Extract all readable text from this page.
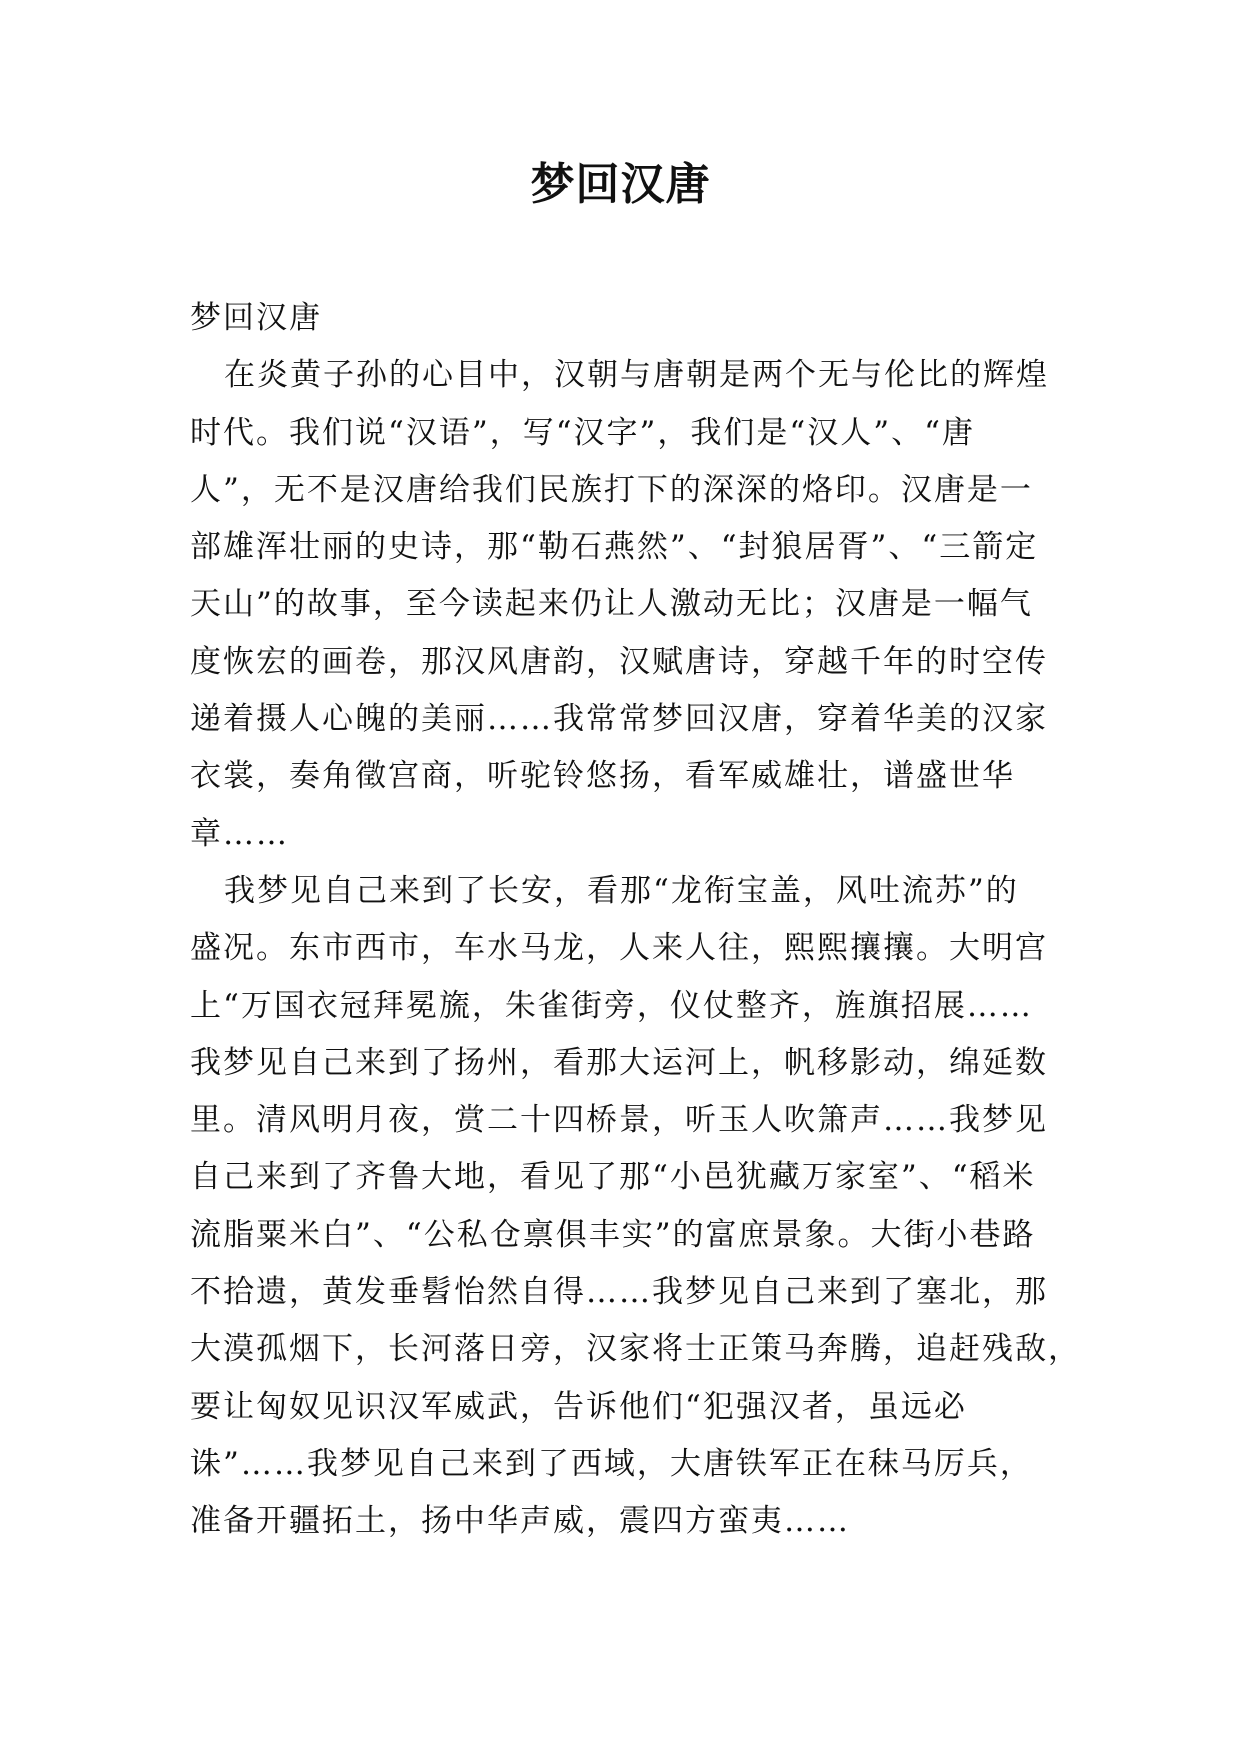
梦回汉唐

梦回汉唐

在炎黄子孙的心目中，汉朝与唐朝是两个无与伦比的辉煌
时代。我们说“汉语”，写“汉字”，我们是“汉人”、“唐
人”，无不是汉唐给我们民族打下的深深的烙印。汉唐是一
部雄浑壮丽的史诗，那“勒石燕然”、“封狼居胥”、“三箭定
天山”的故事，至今读起来仍让人激动无比；汉唐是一幅气
度恢宏的画卷，那汉风唐韵，汉赋唐诗，穿越千年的时空传
递着摄人心魄的美丽……我常常梦回汉唐，穿着华美的汉家
衣裳，奏角徵宫商，听驼铃悠扬，看军威雄壮，谱盛世华
章……

我梦见自己来到了长安，看那“龙衔宝盖，风吐流苏”的
盛况。东市西市，车水马龙，人来人往，熙熙攘攘。大明宫
上“万国衣冠拜冕旒，朱雀街旁，仪仗整齐，旌旗招展……
我梦见自己来到了扬州，看那大运河上，帆移影动，绵延数
里。清风明月夜，赏二十四桥景，听玉人吹箫声……我梦见
自己来到了齐鲁大地，看见了那“小邑犹藏万家室”、“稻米
流脂粟米白”、“公私仓禀俱丰实”的富庶景象。大街小巷路
不拾遗，黄发垂髫怡然自得……我梦见自己来到了塞北，那
大漠孤烟下，长河落日旁，汉家将士正策马奔腾，追赶残敌，
要让匈奴见识汉军威武，告诉他们“犯强汉者，虽远必
诛”……我梦见自己来到了西域，大唐铁军正在秣马厉兵，
准备开疆拓土，扬中华声威，震四方蛮夷……
